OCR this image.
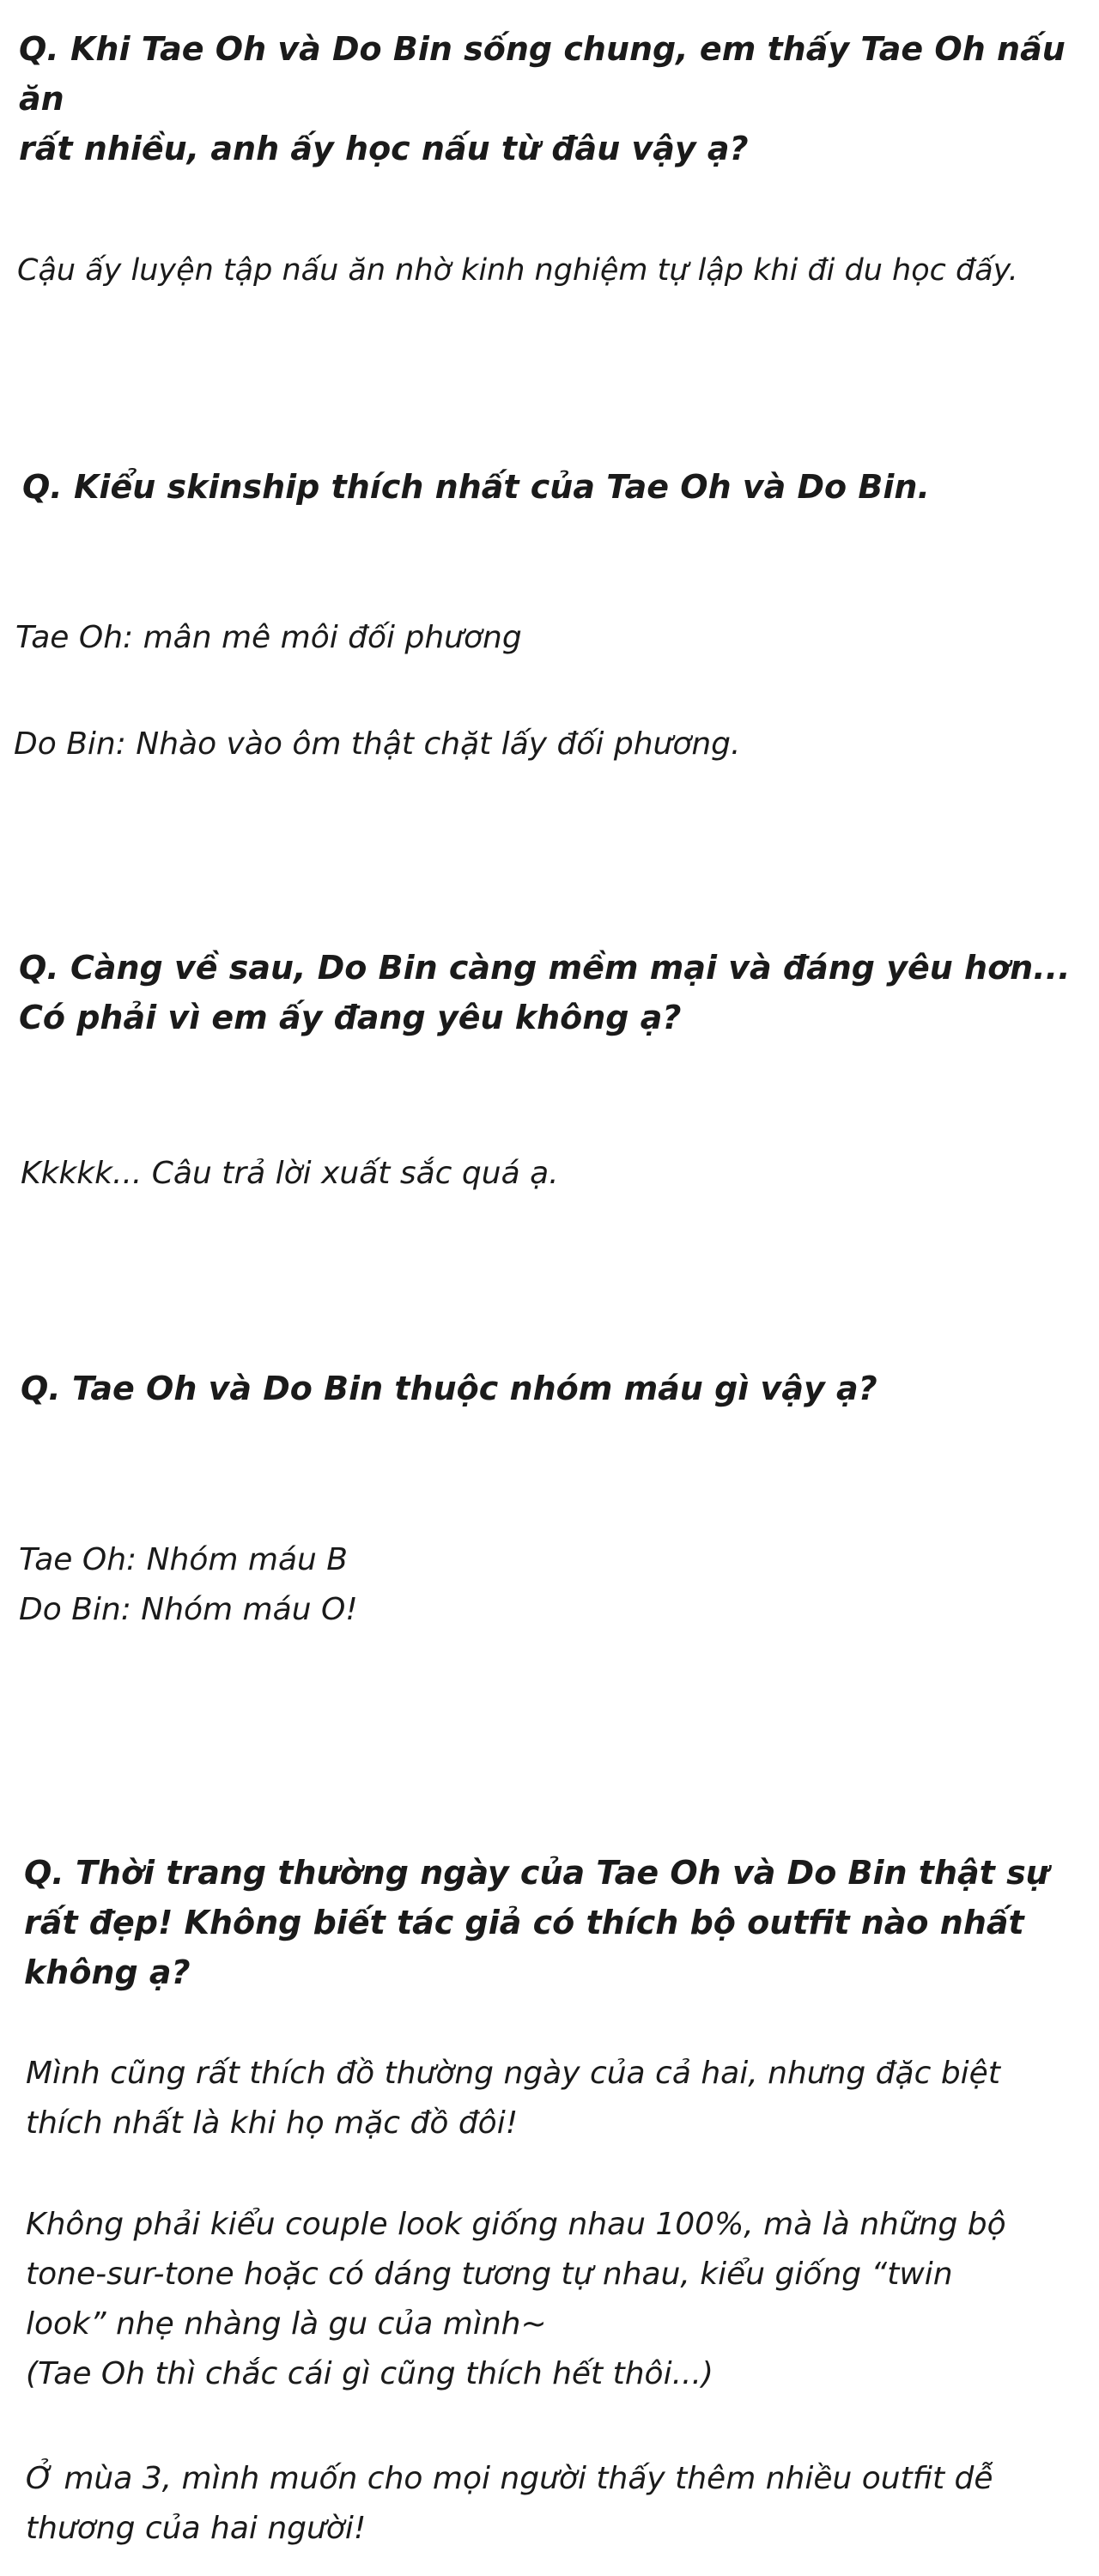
Q. Khi Tae Oh và Do Bin sống chung, em thấy Tae Oh nấu ăn
rất nhiều, anh ấy học nấu từ đâu vậy ạ?

Cậu ấy luyện tập nấu ăn nhờ kinh nghiệm tự lập khi đi du học đấy.

Q. Kiểu skinship thích nhất của Tae Oh và Do Bin.

Tae Oh: mân mê môi đối phương

Do Bin: Nhào vào ôm thật chặt lấy đối phương.

Q. Càng về sau, Do Bin càng mềm mại và đáng yêu hơn...
Có phải vì em ấy đang yêu không ạ?

Kkkkk... Câu trả lời xuất sắc quá ạ.

Q. Tae Oh và Do Bin thuộc nhóm máu gì vậy ạ?

Tae Oh: Nhóm máu B
Do Bin: Nhóm máu O!

Q. Thời trang thường ngày của Tae Oh và Do Bin thật sự
rất đẹp! Không biết tác giả có thích bộ outfit nào nhất
không ạ?

Mình cũng rất thích đồ thường ngày của cả hai, nhưng đặc biệt
thích nhất là khi họ mặc đồ đôi!

Không phải kiểu couple look giống nhau 100%, mà là những bộ
tone-sur-tone hoặc có dáng tương tự nhau, kiểu giống “twin
look” nhẹ nhàng là gu của mình~
(Tae Oh thì chắc cái gì cũng thích hết thôi...)

Ở mùa 3, mình muốn cho mọi người thấy thêm nhiều outfit dễ
thương của hai người!
